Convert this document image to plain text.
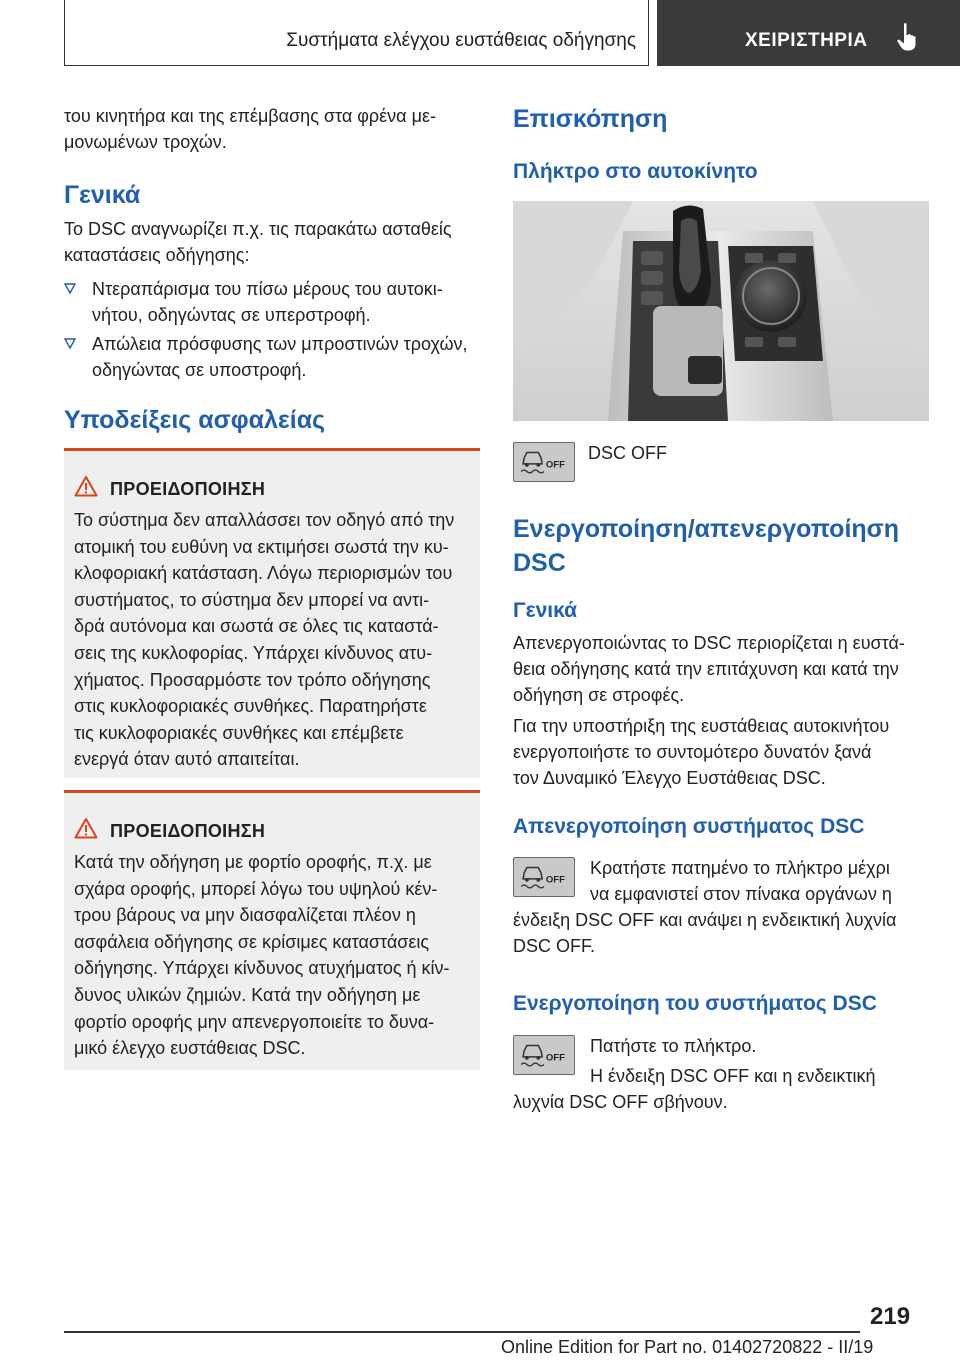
Συστήματα ελέγχου ευστάθειας οδήγησης	ΧΕΙΡΙΣΤΗΡΙΑ
του κινητήρα και της επέμβασης στα φρένα με-
μονωμένων τροχών.
Γενικά
Το DSC αναγνωρίζει π.χ. τις παρακάτω ασταθείς
καταστάσεις οδήγησης:
Ντεραπάρισμα του πίσω μέρους του αυτοκι-
νήτου, οδηγώντας σε υπερστροφή.
Απώλεια πρόσφυσης των μπροστινών τροχών,
οδηγώντας σε υποστροφή.
Υποδείξεις ασφαλείας
ΠΡΟΕΙΔΟΠΟΙΗΣΗ
Το σύστημα δεν απαλλάσσει τον οδηγό από την
ατομική του ευθύνη να εκτιμήσει σωστά την κυ-
κλοφοριακή κατάσταση. Λόγω περιορισμών του
συστήματος, το σύστημα δεν μπορεί να αντι-
δρά αυτόνομα και σωστά σε όλες τις καταστά-
σεις της κυκλοφορίας. Υπάρχει κίνδυνος ατυ-
χήματος. Προσαρμόστε τον τρόπο οδήγησης
στις κυκλοφοριακές συνθήκες. Παρατηρήστε
τις κυκλοφοριακές συνθήκες και επέμβετε
ενεργά όταν αυτό απαιτείται.
ΠΡΟΕΙΔΟΠΟΙΗΣΗ
Κατά την οδήγηση με φορτίο οροφής, π.χ. με
σχάρα οροφής, μπορεί λόγω του υψηλού κέν-
τρου βάρους να μην διασφαλίζεται πλέον η
ασφάλεια οδήγησης σε κρίσιμες καταστάσεις
οδήγησης. Υπάρχει κίνδυνος ατυχήματος ή κίν-
δυνος υλικών ζημιών. Κατά την οδήγηση με
φορτίο οροφής μην απενεργοποιείτε το δυνα-
μικό έλεγχο ευστάθειας DSC.
Επισκόπηση
Πλήκτρο στο αυτοκίνητο
OFF
DSC OFF
Ενεργοποίηση/απενεργοποίηση
DSC
Γενικά
Απενεργοποιώντας το DSC περιορίζεται η ευστά-
θεια οδήγησης κατά την επιτάχυνση και κατά την
οδήγηση σε στροφές.
Για την υποστήριξη της ευστάθειας αυτοκινήτου
ενεργοποιήστε το συντομότερο δυνατόν ξανά
τον Δυναμικό Έλεγχο Ευστάθειας DSC.
Απενεργοποίηση συστήματος DSC
OFF
Κρατήστε πατημένο το πλήκτρο μέχρι
να εμφανιστεί στον πίνακα οργάνων η
ένδειξη DSC OFF και ανάψει η ενδεικτική λυχνία
DSC OFF.
Ενεργοποίηση του συστήματος DSC
OFF
Πατήστε το πλήκτρο.
Η ένδειξη DSC OFF και η ενδεικτική
λυχνία DSC OFF σβήνουν.
219
Online Edition for Part no. 01402720822 - II/19
